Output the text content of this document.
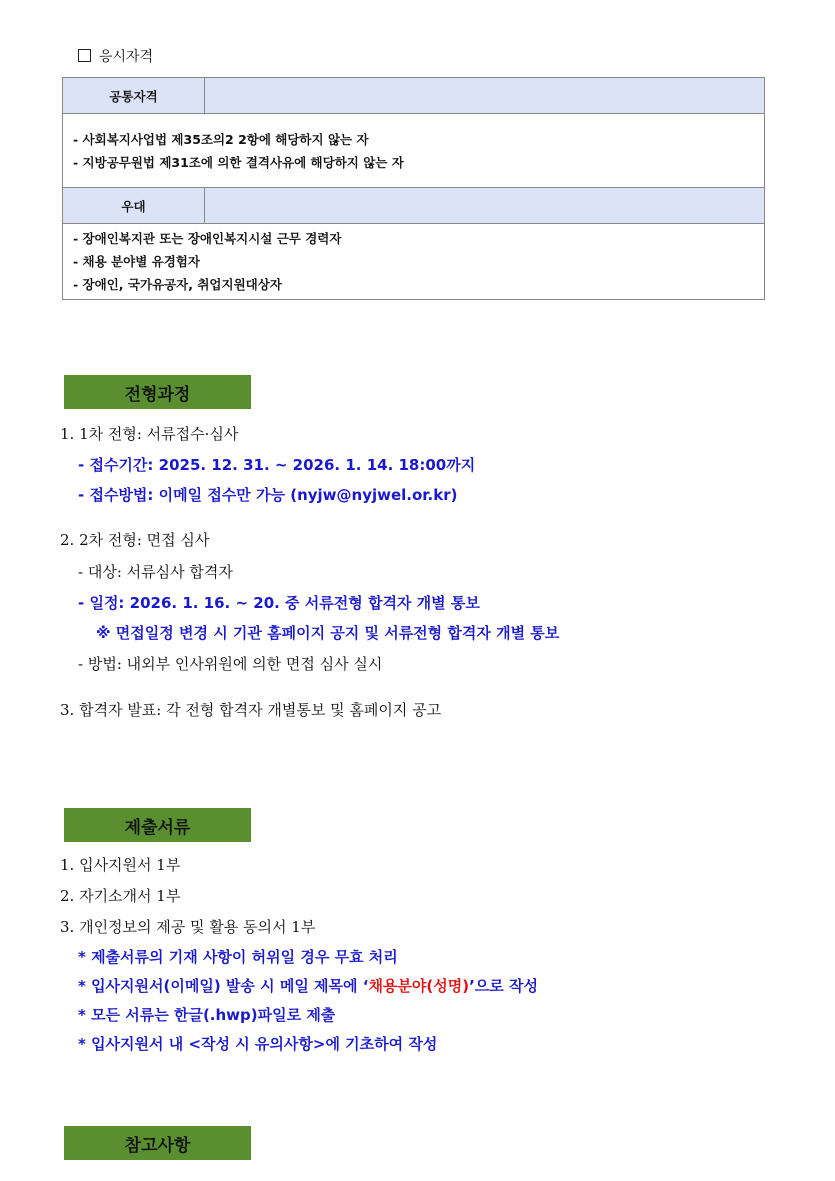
응시자격
공통자격
- 사회복지사업법 제35조의2 2항에 해당하지 않는 자
- 지방공무원법 제31조에 의한 결격사유에 해당하지 않는 자
우대
- 장애인복지관 또는 장애인복지시설 근무 경력자
- 채용 분야별 유경험자
- 장애인, 국가유공자, 취업지원대상자
전형과정
1. 1차 전형: 서류접수·심사
- 접수기간: 2025. 12. 31. ~ 2026. 1. 14. 18:00까지
- 접수방법: 이메일 접수만 가능 (nyjw@nyjwel.or.kr)
2. 2차 전형: 면접 심사
- 대상: 서류심사 합격자
- 일정: 2026. 1. 16. ~ 20. 중 서류전형 합격자 개별 통보
※ 면접일정 변경 시 기관 홈페이지 공지 및 서류전형 합격자 개별 통보
- 방법: 내외부 인사위원에 의한 면접 심사 실시
3. 합격자 발표: 각 전형 합격자 개별통보 및 홈페이지 공고
제출서류
1. 입사지원서 1부
2. 자기소개서 1부
3. 개인정보의 제공 및 활용 동의서 1부
* 제출서류의 기재 사항이 허위일 경우 무효 처리
* 입사지원서(이메일) 발송 시 메일 제목에 ‘채용분야(성명)’으로 작성
* 모든 서류는 한글(.hwp)파일로 제출
* 입사지원서 내 <작성 시 유의사항>에 기초하여 작성
참고사항
